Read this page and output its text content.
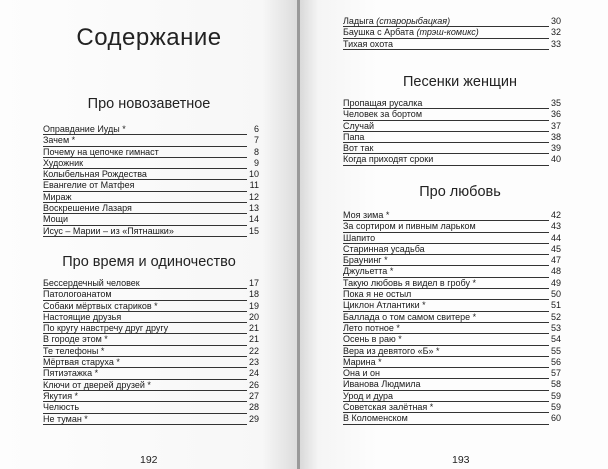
Содержание
Про новозаветное
Оправдание Иуды *	6
Зачем *	7
Почему на цепочке гимнаст	8
Художник	9
Колыбельная Рождества	10
Евангелие от Матфея	11
Мираж	12
Воскрешение Лазаря	13
Мощи	14
Исус – Марии – из «Пятнашки»	15
Про время и одиночество
Бессердечный человек	17
Патологоанатом	18
Собаки мёртвых стариков *	19
Настоящие друзья	20
По кругу навстречу друг другу	21
В городе этом *	21
Те телефоны *	22
Мёртвая старуха *	23
Пятиэтажка *	24
Ключи от дверей друзей *	26
Якутия *	27
Челюсть	28
Не туман *	29
192
Ладыга (старорыбацкая)	30
Баушка с Арбата (трэш-комикс)	32
Тихая охота	33
Песенки женщин
Пропащая русалка	35
Человек за бортом	36
Случай	37
Папа	38
Вот так	39
Когда приходят сроки	40
Про любовь
Моя зима *	42
За сортиром и пивным ларьком	43
Шапито	44
Старинная усадьба	45
Браунинг *	47
Джульетта *	48
Такую любовь я видел в гробу *	49
Пока я не остыл	50
Циклон Атлантики *	51
Баллада о том самом свитере *	52
Лето потное *	53
Осень в раю *	54
Вера из девятого «Б» *	55
Марина *	56
Она и он	57
Иванова Людмила	58
Урод и дура	59
Советская залётная *	59
В Коломенском	60
193
